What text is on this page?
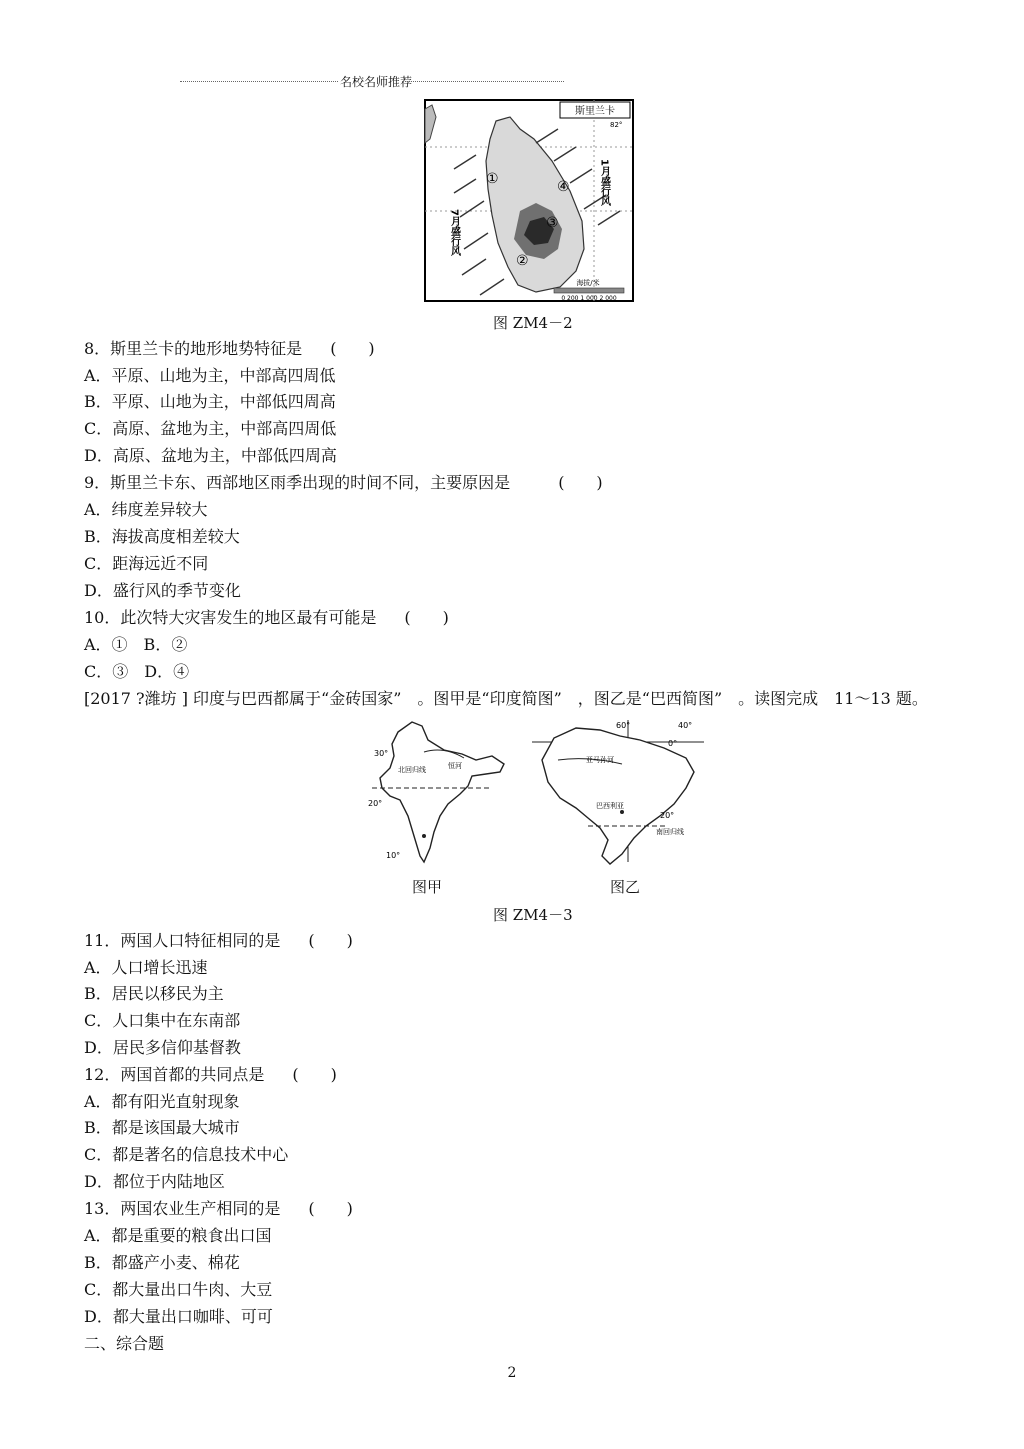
名校名师推荐
斯里兰卡
82°
1月盛行风
7月盛行风
①
②
③
④
海拔/米
0 200 1 000 2 000
图 ZM4－2
8．斯里兰卡的地形地势特征是 (　　)
A．平原、山地为主，中部高四周低
B．平原、山地为主，中部低四周高
C．高原、盆地为主，中部高四周低
D．高原、盆地为主，中部低四周高
9．斯里兰卡东、西部地区雨季出现的时间不同，主要原因是	(　　)
A．纬度差异较大
B．海拔高度相差较大
C．距海远近不同
D．盛行风的季节变化
10．此次特大灾害发生的地区最有可能是 (　　)
A．①　B．②
C．③　D．④
[2017 ?潍坊 ] 印度与巴西都属于“金砖国家”　。图甲是“印度简图”　，图乙是“巴西简图”　。读图完成　11～13 题。
30°
北回归线	恒河
20°
10°
60°
0°
40°
亚马孙河
巴西利亚
20°
南回归线
图甲	图乙
图 ZM4－3
11．两国人口特征相同的是 (　　)
A．人口增长迅速
B．居民以移民为主
C．人口集中在东南部
D．居民多信仰基督教
12．两国首都的共同点是 (　　)
A．都有阳光直射现象
B．都是该国最大城市
C．都是著名的信息技术中心
D．都位于内陆地区
13．两国农业生产相同的是 (　　)
A．都是重要的粮食出口国
B．都盛产小麦、棉花
C．都大量出口牛肉、大豆
D．都大量出口咖啡、可可
二、综合题
2
